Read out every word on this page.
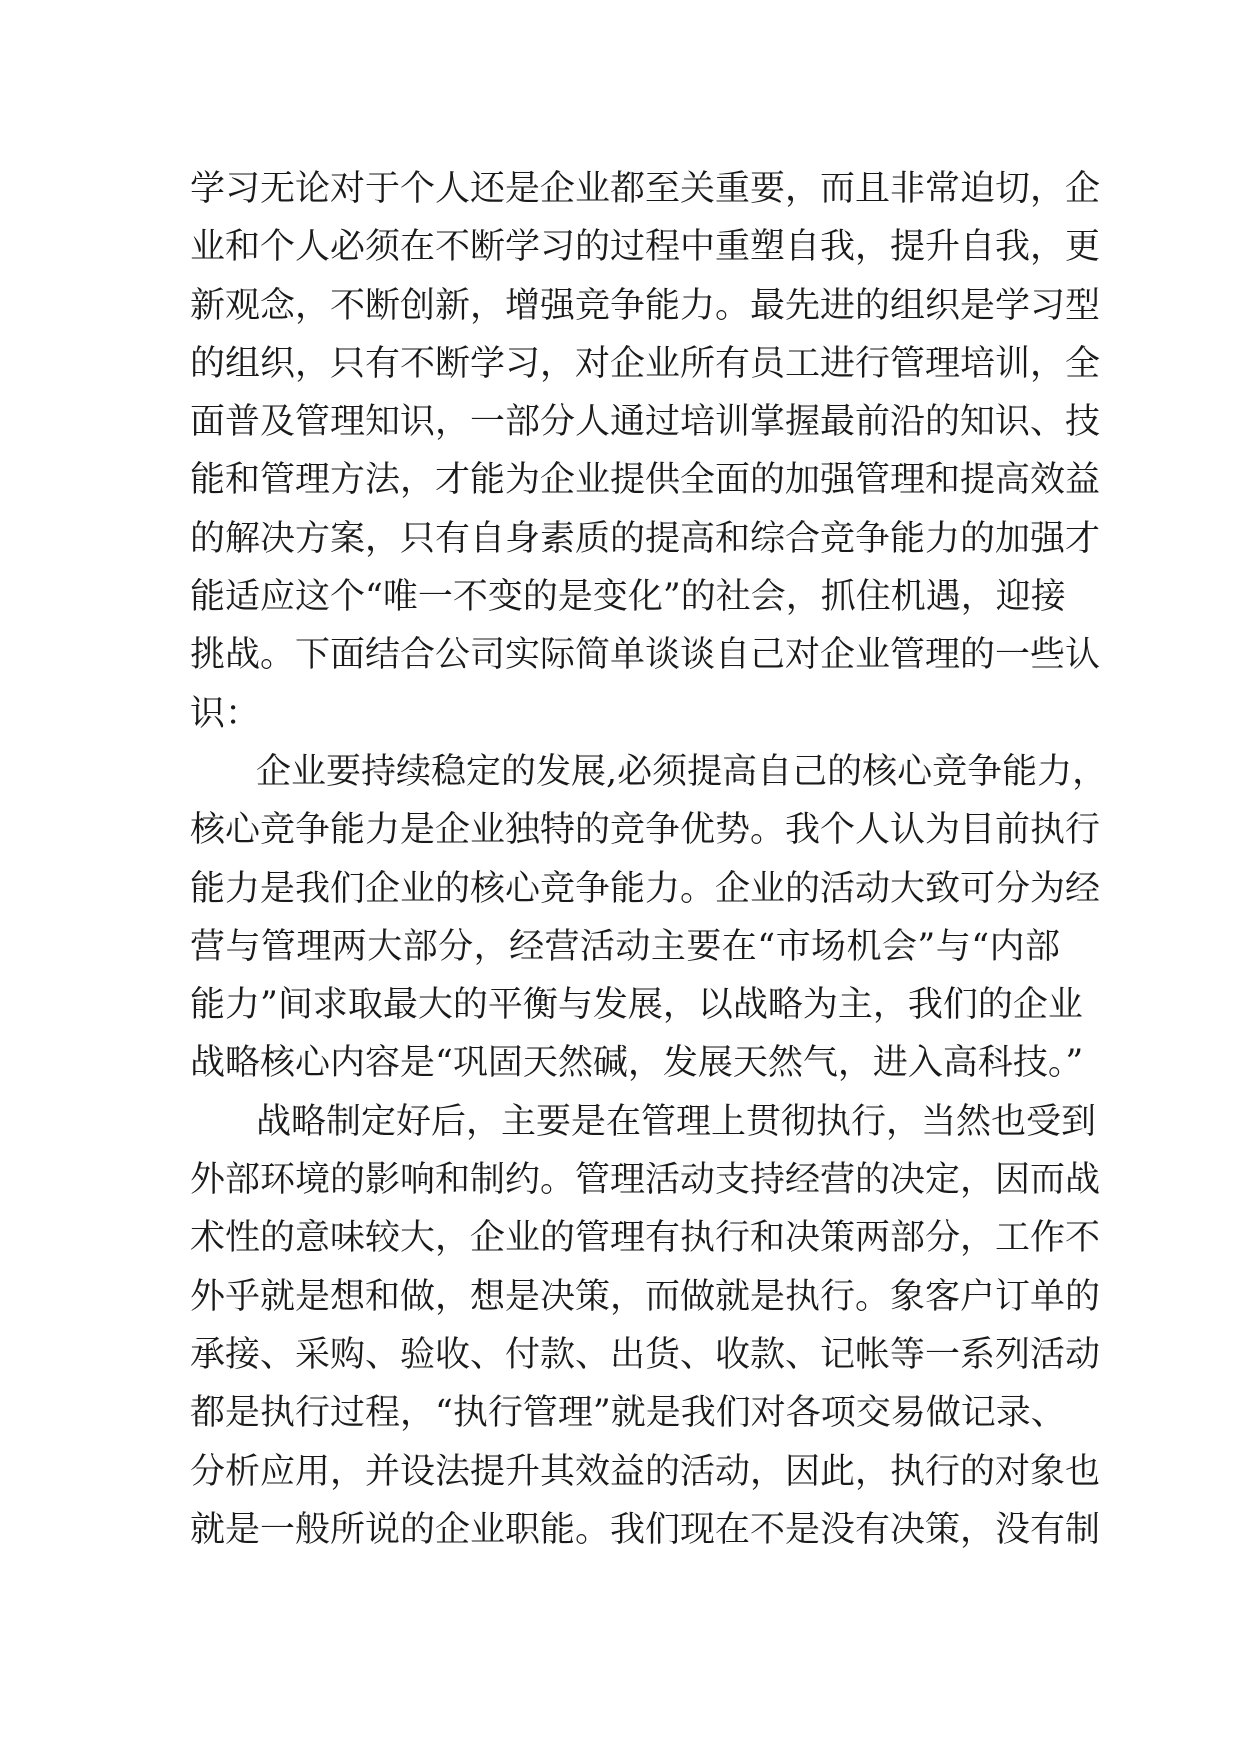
学习无论对于个人还是企业都至关重要，而且非常迫切，企
业和个人必须在不断学习的过程中重塑自我，提升自我，更
新观念，不断创新，增强竞争能力。最先进的组织是学习型
的组织，只有不断学习，对企业所有员工进行管理培训，全
面普及管理知识，一部分人通过培训掌握最前沿的知识、技
能和管理方法，才能为企业提供全面的加强管理和提高效益
的解决方案，只有自身素质的提高和综合竞争能力的加强才
能适应这个“唯一不变的是变化”的社会，抓住机遇，迎接
挑战。下面结合公司实际简单谈谈自己对企业管理的一些认
识：
企业要持续稳定的发展,必须提高自己的核心竞争能力，
核心竞争能力是企业独特的竞争优势。我个人认为目前执行
能力是我们企业的核心竞争能力。企业的活动大致可分为经
营与管理两大部分，经营活动主要在“市场机会”与“内部
能力”间求取最大的平衡与发展，以战略为主，我们的企业
战略核心内容是“巩固天然碱，发展天然气，进入高科技。”
战略制定好后，主要是在管理上贯彻执行，当然也受到
外部环境的影响和制约。管理活动支持经营的决定，因而战
术性的意味较大，企业的管理有执行和决策两部分，工作不
外乎就是想和做，想是决策，而做就是执行。象客户订单的
承接、采购、验收、付款、出货、收款、记帐等一系列活动
都是执行过程，“执行管理”就是我们对各项交易做记录、
分析应用，并设法提升其效益的活动，因此，执行的对象也
就是一般所说的企业职能。我们现在不是没有决策，没有制
